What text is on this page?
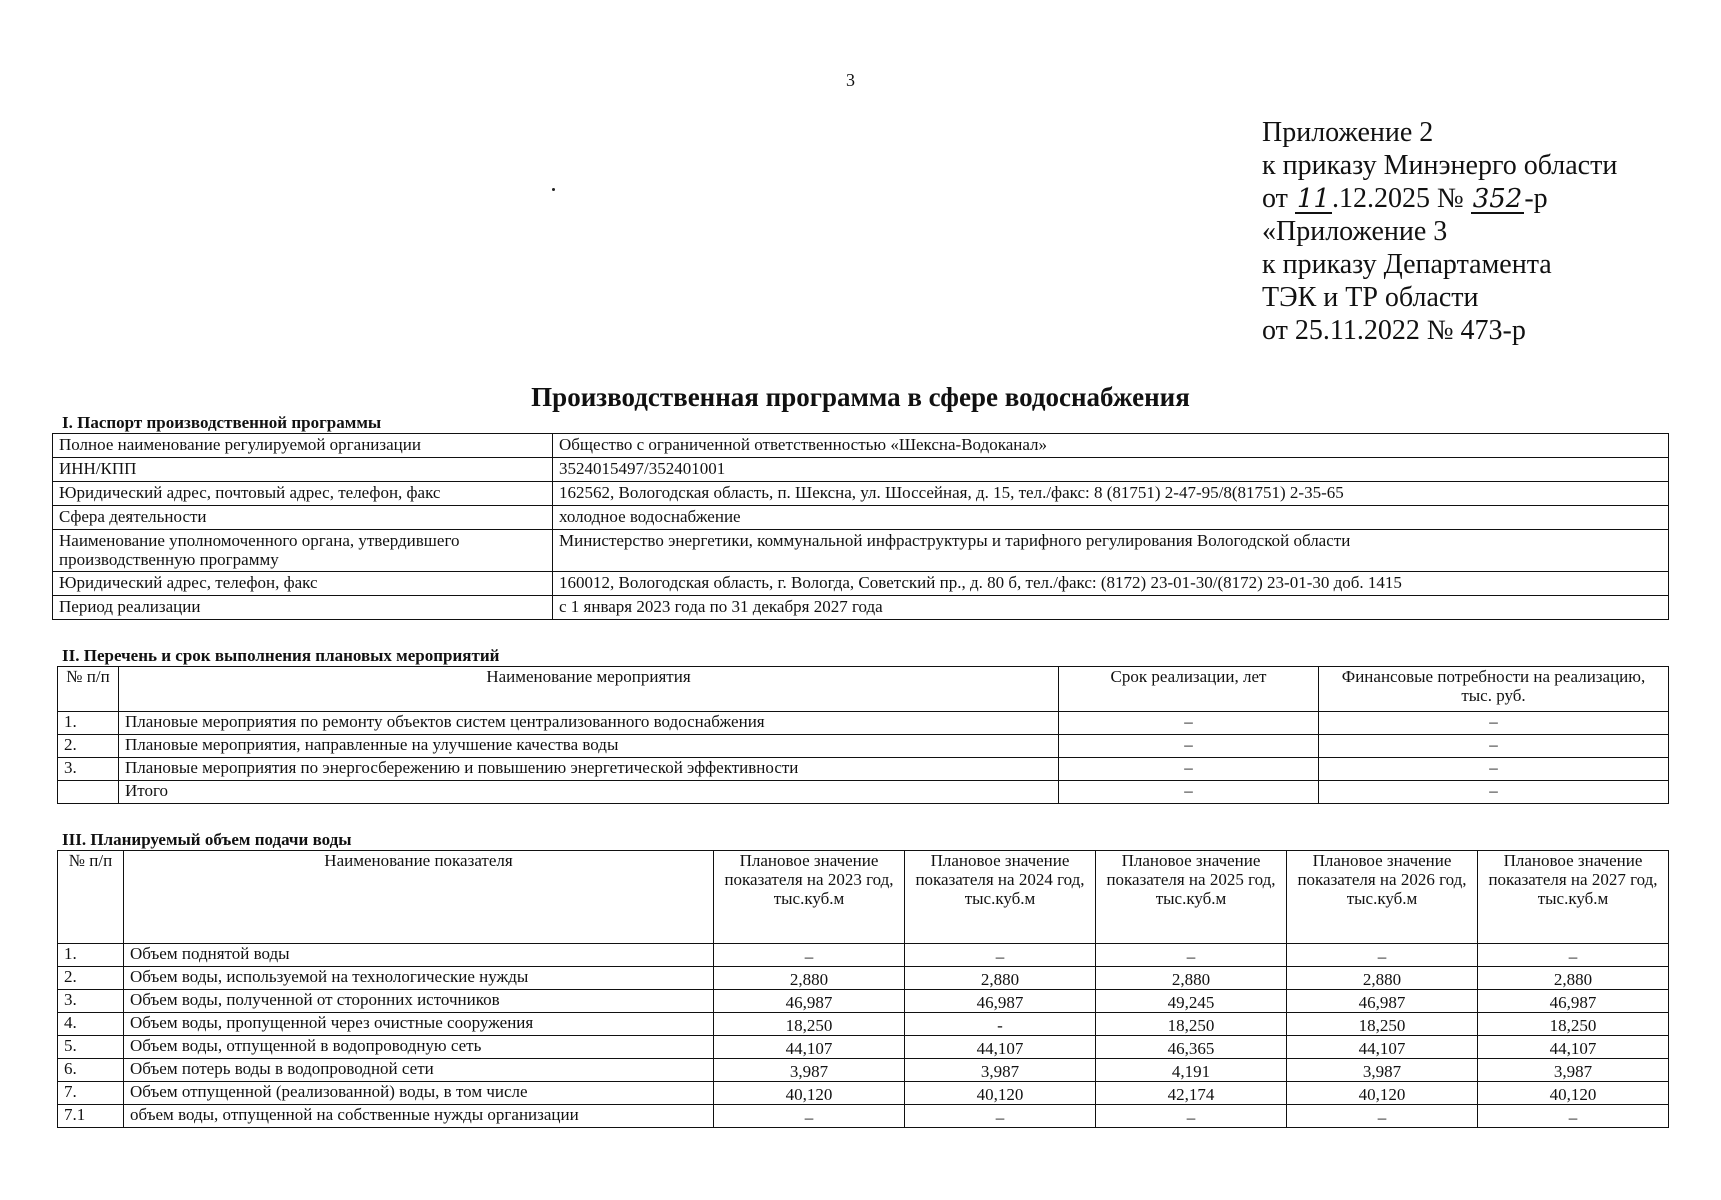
3
Приложение 2
к приказу Минэнерго области
от 11.12.2025 № 352-р
«Приложение 3
к приказу Департамента
ТЭК и ТР области
от 25.11.2022 № 473-р
Производственная программа в сфере водоснабжения
I. Паспорт производственной программы
Полное наименование регулируемой организации	Общество с ограниченной ответственностью «Шексна-Водоканал»
ИНН/КПП	3524015497/352401001
Юридический адрес, почтовый адрес, телефон, факс	162562, Вологодская область, п. Шексна, ул. Шоссейная, д. 15, тел./факс: 8 (81751) 2-47-95/8(81751) 2-35-65
Сфера деятельности	холодное водоснабжение
Наименование уполномоченного органа, утвердившего производственную программу	Министерство энергетики, коммунальной инфраструктуры и тарифного регулирования Вологодской области
Юридический адрес, телефон, факс	160012, Вологодская область, г. Вологда, Советский пр., д. 80 б, тел./факс: (8172) 23-01-30/(8172) 23-01-30 доб. 1415
Период реализации	с 1 января 2023 года по 31 декабря 2027 года
II. Перечень и срок выполнения плановых мероприятий
№ п/п	Наименование мероприятия	Срок реализации, лет	Финансовые потребности на реализацию, тыс. руб.
1.	Плановые мероприятия по ремонту объектов систем централизованного водоснабжения	–	–
2.	Плановые мероприятия, направленные на улучшение качества воды	–	–
3.	Плановые мероприятия по энергосбережению и повышению энергетической эффективности	–	–
	Итого	–	–
III. Планируемый объем подачи воды
№ п/п	Наименование показателя	Плановое значение показателя на 2023 год, тыс.куб.м	Плановое значение показателя на 2024 год, тыс.куб.м	Плановое значение показателя на 2025 год, тыс.куб.м	Плановое значение показателя на 2026 год, тыс.куб.м	Плановое значение показателя на 2027 год, тыс.куб.м
1.	Объем поднятой воды	–	–	–	–	–
2.	Объем воды, используемой на технологические нужды	2,880	2,880	2,880	2,880	2,880
3.	Объем воды, полученной от сторонних источников	46,987	46,987	49,245	46,987	46,987
4.	Объем воды, пропущенной через очистные сооружения	18,250	-	18,250	18,250	18,250
5.	Объем воды, отпущенной в водопроводную сеть	44,107	44,107	46,365	44,107	44,107
6.	Объем потерь воды в водопроводной сети	3,987	3,987	4,191	3,987	3,987
7.	Объем отпущенной (реализованной) воды, в том числе	40,120	40,120	42,174	40,120	40,120
7.1	объем воды, отпущенной на собственные нужды организации	–	–	–	–	–
